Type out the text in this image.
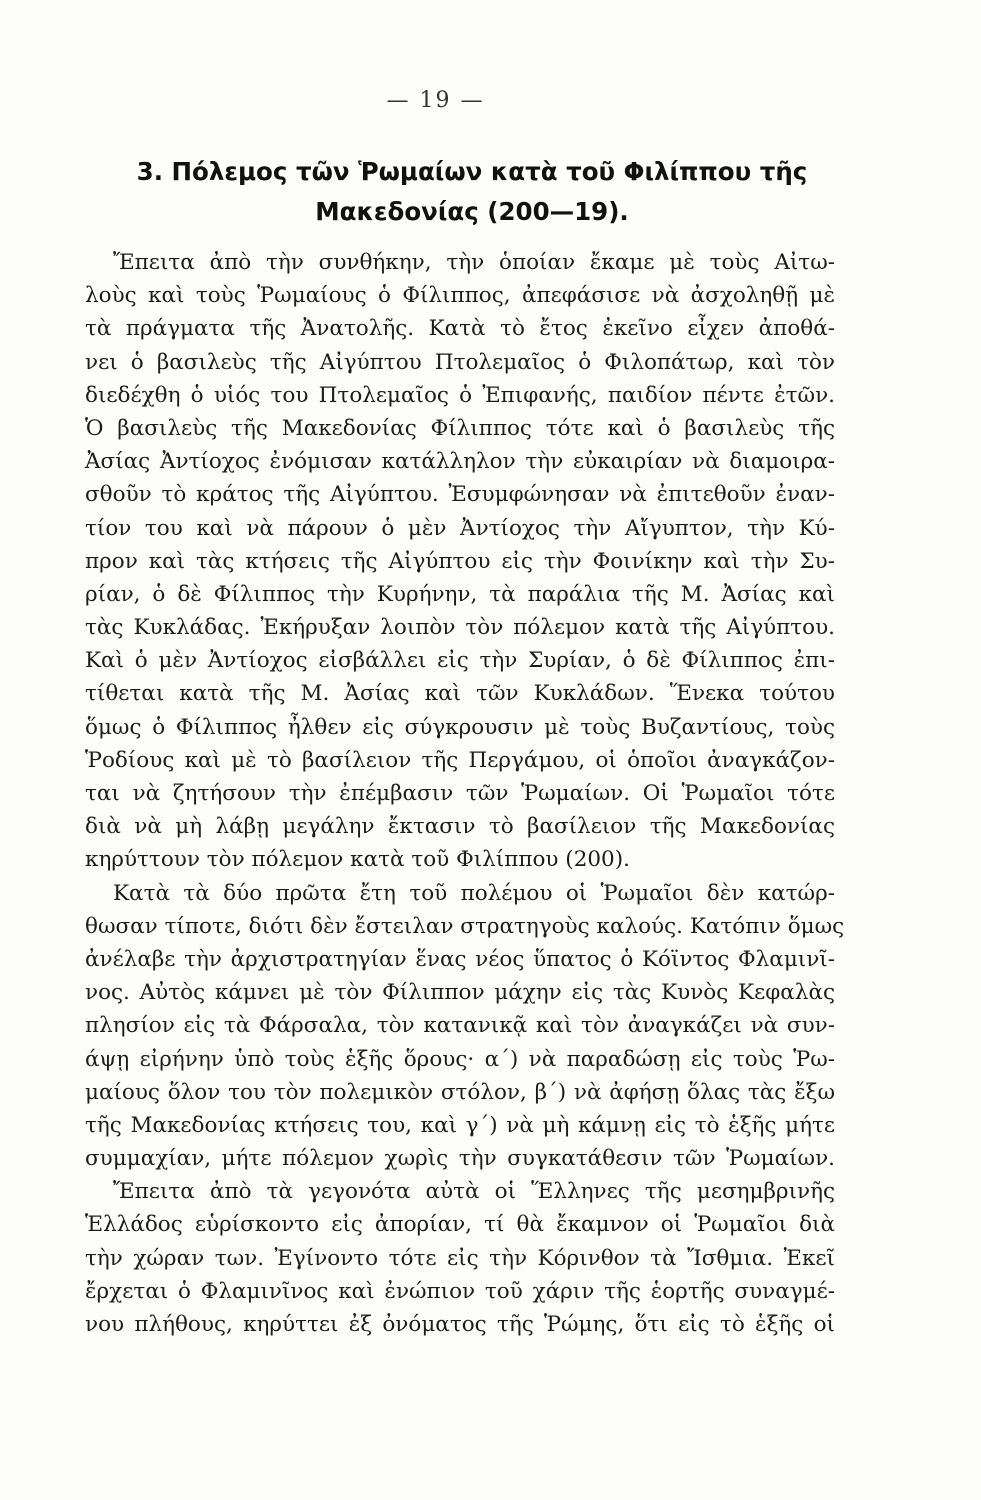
— 19 —
3. Πόλεμος τῶν Ῥωμαίων κατὰ τοῦ Φιλίππου τῆς
Μακεδονίας (200—19).
Ἔπειτα ἀπὸ τὴν συνθήκην, τὴν ὁποίαν ἔκαμε μὲ τοὺς Αἰτω-
λοὺς καὶ τοὺς Ῥωμαίους ὁ Φίλιππος, ἀπεφάσισε νὰ ἀσχοληθῇ μὲ
τὰ πράγματα τῆς Ἀνατολῆς. Κατὰ τὸ ἔτος ἐκεῖνο εἶχεν ἀποθά-
νει ὁ βασιλεὺς τῆς Αἰγύπτου Πτολεμαῖος ὁ Φιλοπάτωρ, καὶ τὸν
διεδέχθη ὁ υἱός του Πτολεμαῖος ὁ Ἐπιφανής, παιδίον πέντε ἐτῶν.
Ὁ βασιλεὺς τῆς Μακεδονίας Φίλιππος τότε καὶ ὁ βασιλεὺς τῆς
Ἀσίας Ἀντίοχος ἐνόμισαν κατάλληλον τὴν εὐκαιρίαν νὰ διαμοιρα-
σθοῦν τὸ κράτος τῆς Αἰγύπτου. Ἐσυμφώνησαν νὰ ἐπιτεθοῦν ἐναν-
τίον του καὶ νὰ πάρουν ὁ μὲν Ἀντίοχος τὴν Αἴγυπτον, τὴν Κύ-
προν καὶ τὰς κτήσεις τῆς Αἰγύπτου εἰς τὴν Φοινίκην καὶ τὴν Συ-
ρίαν, ὁ δὲ Φίλιππος τὴν Κυρήνην, τὰ παράλια τῆς Μ. Ἀσίας καὶ
τὰς Κυκλάδας. Ἐκήρυξαν λοιπὸν τὸν πόλεμον κατὰ τῆς Αἰγύπτου.
Καὶ ὁ μὲν Ἀντίοχος εἰσβάλλει εἰς τὴν Συρίαν, ὁ δὲ Φίλιππος ἐπι-
τίθεται κατὰ τῆς Μ. Ἀσίας καὶ τῶν Κυκλάδων. Ἕνεκα τούτου
ὅμως ὁ Φίλιππος ἦλθεν εἰς σύγκρουσιν μὲ τοὺς Βυζαντίους, τοὺς
Ῥοδίους καὶ μὲ τὸ βασίλειον τῆς Περγάμου, οἱ ὁποῖοι ἀναγκάζον-
ται νὰ ζητήσουν τὴν ἐπέμβασιν τῶν Ῥωμαίων. Οἱ Ῥωμαῖοι τότε
διὰ νὰ μὴ λάβῃ μεγάλην ἔκτασιν τὸ βασίλειον τῆς Μακεδονίας
κηρύττουν τὸν πόλεμον κατὰ τοῦ Φιλίππου (200).
Κατὰ τὰ δύο πρῶτα ἔτη τοῦ πολέμου οἱ Ῥωμαῖοι δὲν κατώρ-
θωσαν τίποτε, διότι δὲν ἔστειλαν στρατηγοὺς καλούς. Κατόπιν ὅμως
ἀνέλαβε τὴν ἀρχιστρατηγίαν ἕνας νέος ὕπατος ὁ Κόϊντος Φλαμινῖ-
νος. Αὐτὸς κάμνει μὲ τὸν Φίλιππον μάχην εἰς τὰς Κυνὸς Κεφαλὰς
πλησίον εἰς τὰ Φάρσαλα, τὸν κατανικᾷ καὶ τὸν ἀναγκάζει νὰ συν-
άψῃ εἰρήνην ὑπὸ τοὺς ἑξῆς ὅρους· α΄) νὰ παραδώσῃ εἰς τοὺς Ῥω-
μαίους ὅλον του τὸν πολεμικὸν στόλον, β΄) νὰ ἀφήσῃ ὅλας τὰς ἔξω
τῆς Μακεδονίας κτήσεις του, καὶ γ΄) νὰ μὴ κάμνῃ εἰς τὸ ἑξῆς μήτε
συμμαχίαν, μήτε πόλεμον χωρὶς τὴν συγκατάθεσιν τῶν Ῥωμαίων.
Ἔπειτα ἀπὸ τὰ γεγονότα αὐτὰ οἱ Ἕλληνες τῆς μεσημβρινῆς
Ἑλλάδος εὑρίσκοντο εἰς ἀπορίαν, τί θὰ ἔκαμνον οἱ Ῥωμαῖοι διὰ
τὴν χώραν των. Ἐγίνοντο τότε εἰς τὴν Κόρινθον τὰ Ἴσθμια. Ἐκεῖ
ἔρχεται ὁ Φλαμινῖνος καὶ ἐνώπιον τοῦ χάριν τῆς ἑορτῆς συναγμέ-
νου πλήθους, κηρύττει ἐξ ὀνόματος τῆς Ῥώμης, ὅτι εἰς τὸ ἑξῆς οἱ
